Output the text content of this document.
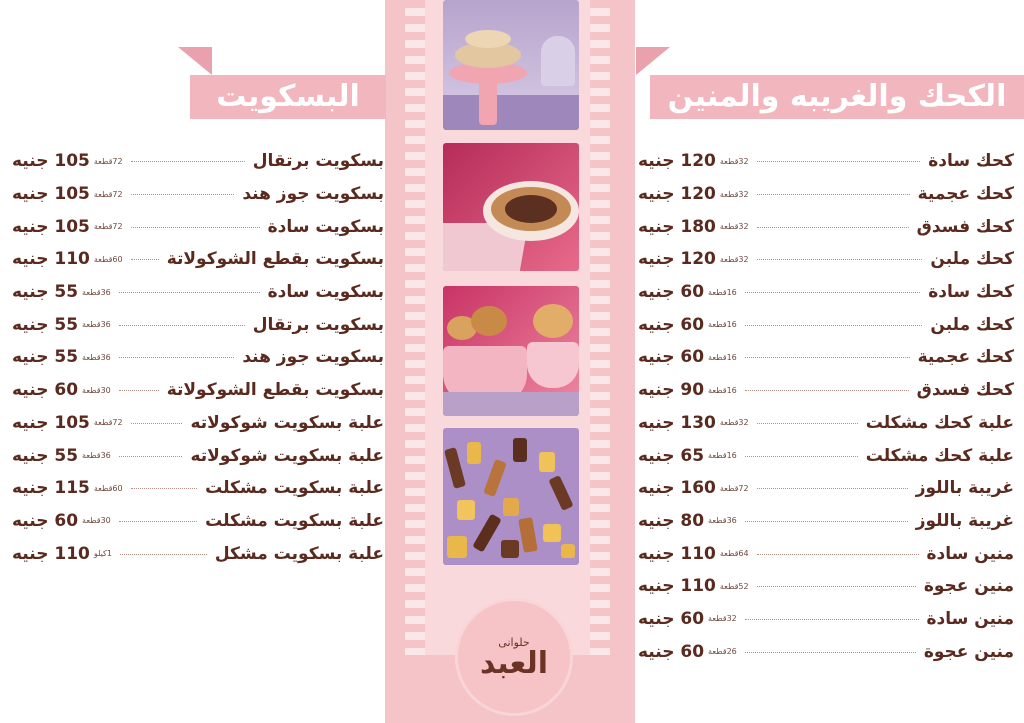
البسكويت	الكحك والغريبه والمنين
كحك سادة
32قطعة
120 جنيه
كحك عجمية
32قطعة
120 جنيه
كحك فسدق
32قطعة
180 جنيه
كحك ملبن
32قطعة
120 جنيه
كحك سادة
16قطعة
60 جنيه
كحك ملبن
16قطعة
60 جنيه
كحك عجمية
16قطعة
60 جنيه
كحك فسدق
16قطعة
90 جنيه
علبة كحك مشكلت
32قطعة
130 جنيه
علبة كحك مشكلت
16قطعة
65 جنيه
غريبة باللوز
72قطعة
160 جنيه
غريبة باللوز
36قطعة
80 جنيه
منين سادة
64قطعة
110 جنيه
منين عجوة
52قطعة
110 جنيه
منين سادة
32قطعة
60 جنيه
منين عجوة
26قطعة
60 جنيه
بسكويت برتقال
72قطعة
105 جنيه
بسكويت جوز هند
72قطعة
105 جنيه
بسكويت سادة
72قطعة
105 جنيه
بسكويت بقطع الشوكولاتة
60قطعة
110 جنيه
بسكويت سادة
36قطعة
55 جنيه
بسكويت برتقال
36قطعة
55 جنيه
بسكويت جوز هند
36قطعة
55 جنيه
بسكويت بقطع الشوكولاتة
30قطعة
60 جنيه
علبة بسكويت شوكولاته
72قطعة
105 جنيه
علبة بسكويت شوكولاته
36قطعة
55 جنيه
علبة بسكويت مشكلت
60قطعة
115 جنيه
علبة بسكويت مشكلت
30قطعة
60 جنيه
علبة بسكويت مشكل
1كيلو
110 جنيه
حلوانى
العبد
